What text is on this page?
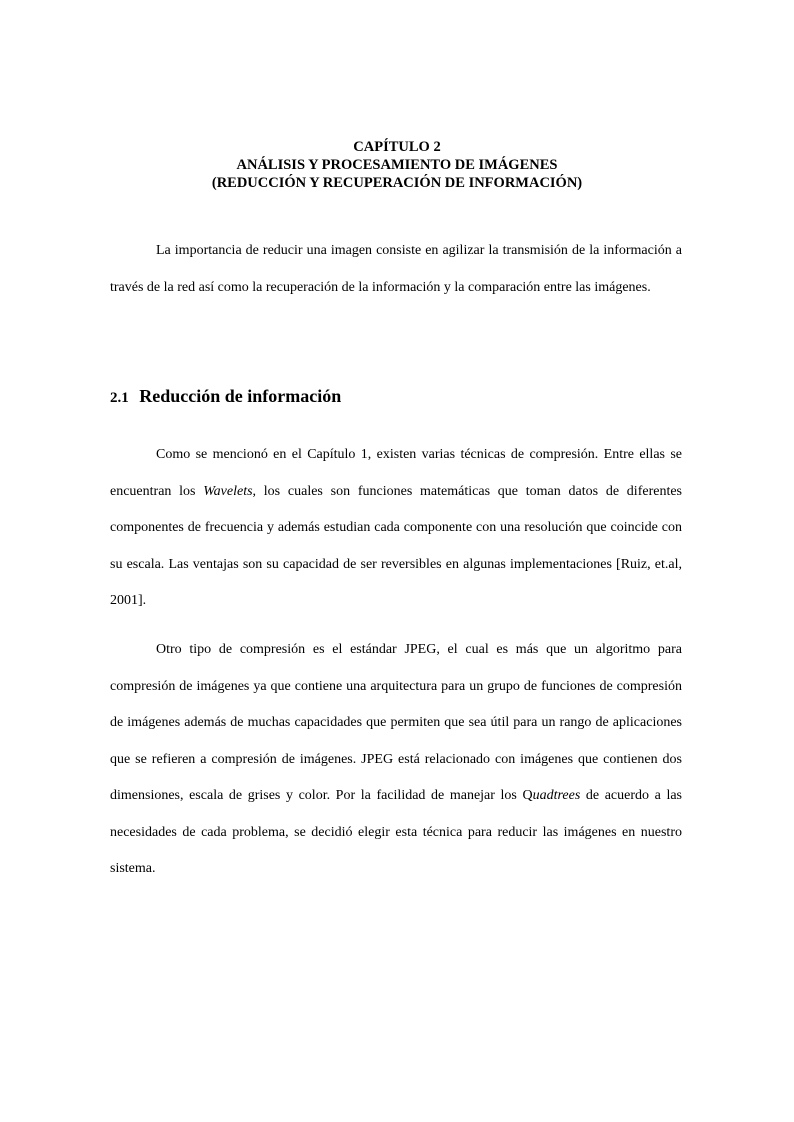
CAPÍTULO 2
ANÁLISIS Y PROCESAMIENTO DE IMÁGENES
(REDUCCIÓN Y RECUPERACIÓN DE INFORMACIÓN)

La importancia de reducir una imagen consiste en agilizar la transmisión de la información a través de la red así como la recuperación de la información y la comparación entre las imágenes.

2.1 Reducción de información

Como se mencionó en el Capítulo 1, existen varias técnicas de compresión. Entre ellas se encuentran los Wavelets, los cuales son funciones matemáticas que toman datos de diferentes componentes de frecuencia y además estudian cada componente con una resolución que coincide con su escala. Las ventajas son su capacidad de ser reversibles en algunas implementaciones [Ruiz, et.al, 2001].

Otro tipo de compresión es el estándar JPEG, el cual es más que un algoritmo para compresión de imágenes ya que contiene una arquitectura para un grupo de funciones de compresión de imágenes además de muchas capacidades que permiten que sea útil para un rango de aplicaciones que se refieren a compresión de imágenes. JPEG está relacionado con imágenes que contienen dos dimensiones, escala de grises y color. Por la facilidad de manejar los Quadtrees de acuerdo a las necesidades de cada problema, se decidió elegir esta técnica para reducir las imágenes en nuestro sistema.
